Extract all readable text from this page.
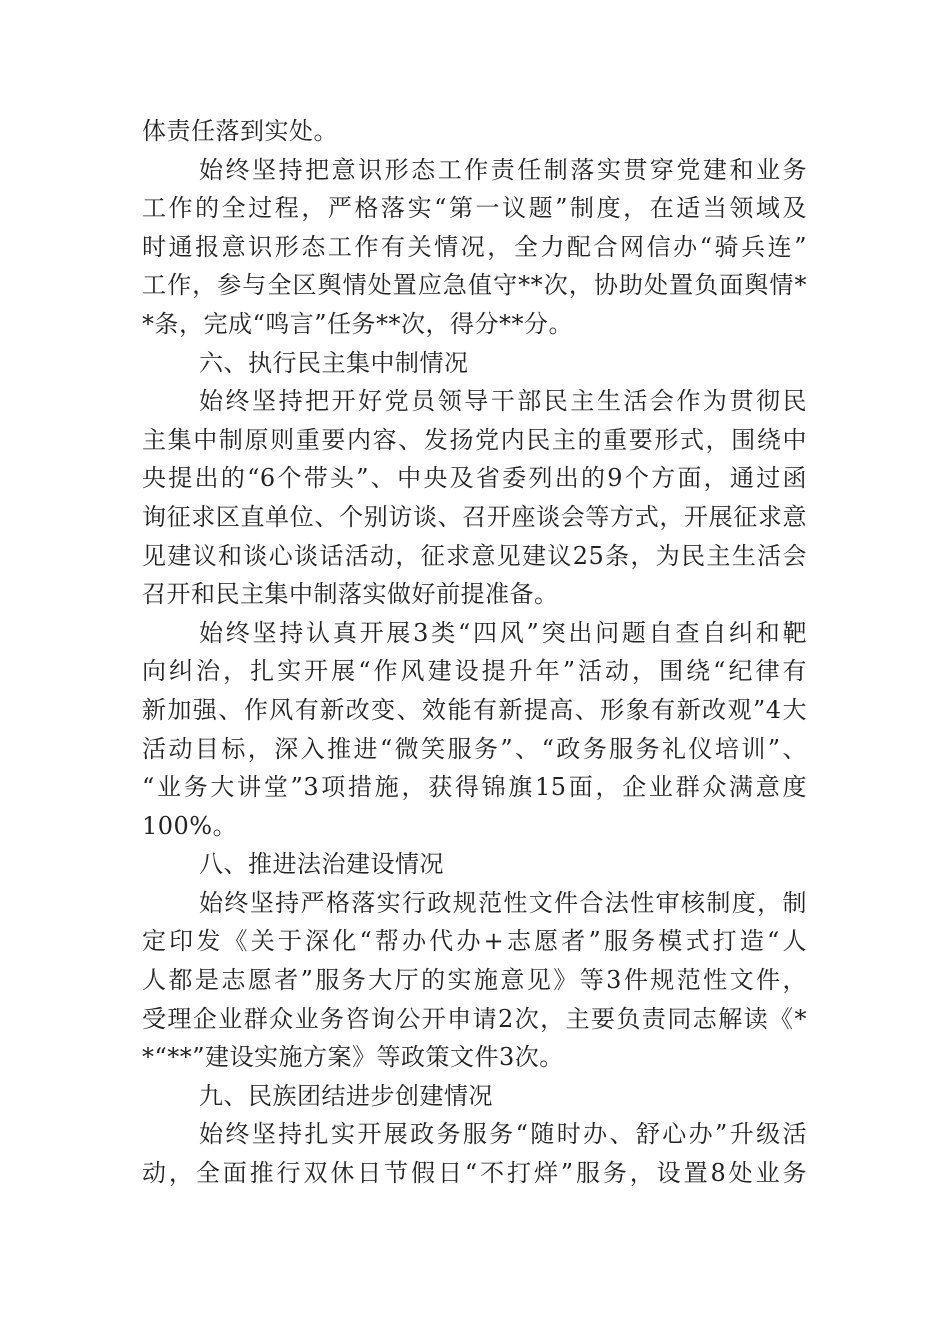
体责任落到实处。
始终坚持把意识形态工作责任制落实贯穿党建和业务
工作的全过程，严格落实“第一议题”制度，在适当领域及
时通报意识形态工作有关情况，全力配合网信办“骑兵连”
工作，参与全区舆情处置应急值守**次，协助处置负面舆情*
*条，完成“鸣言”任务**次，得分**分。
六、执行民主集中制情况
始终坚持把开好党员领导干部民主生活会作为贯彻民
主集中制原则重要内容、发扬党内民主的重要形式，围绕中
央提出的“6个带头”、中央及省委列出的9个方面，通过函
询征求区直单位、个别访谈、召开座谈会等方式，开展征求意
见建议和谈心谈话活动，征求意见建议25条，为民主生活会
召开和民主集中制落实做好前提准备。
始终坚持认真开展3类“四风”突出问题自查自纠和靶
向纠治，扎实开展“作风建设提升年”活动，围绕“纪律有
新加强、作风有新改变、效能有新提高、形象有新改观”4大
活动目标，深入推进“微笑服务”、“政务服务礼仪培训”、
“业务大讲堂”3项措施，获得锦旗15面，企业群众满意度
100%。
八、推进法治建设情况
始终坚持严格落实行政规范性文件合法性审核制度，制
定印发《关于深化“帮办代办+志愿者”服务模式打造“人
人都是志愿者”服务大厅的实施意见》等3件规范性文件，
受理企业群众业务咨询公开申请2次，主要负责同志解读《*
*“**”建设实施方案》等政策文件3次。
九、民族团结进步创建情况
始终坚持扎实开展政务服务“随时办、舒心办”升级活
动，全面推行双休日节假日“不打烊”服务，设置8处业务
